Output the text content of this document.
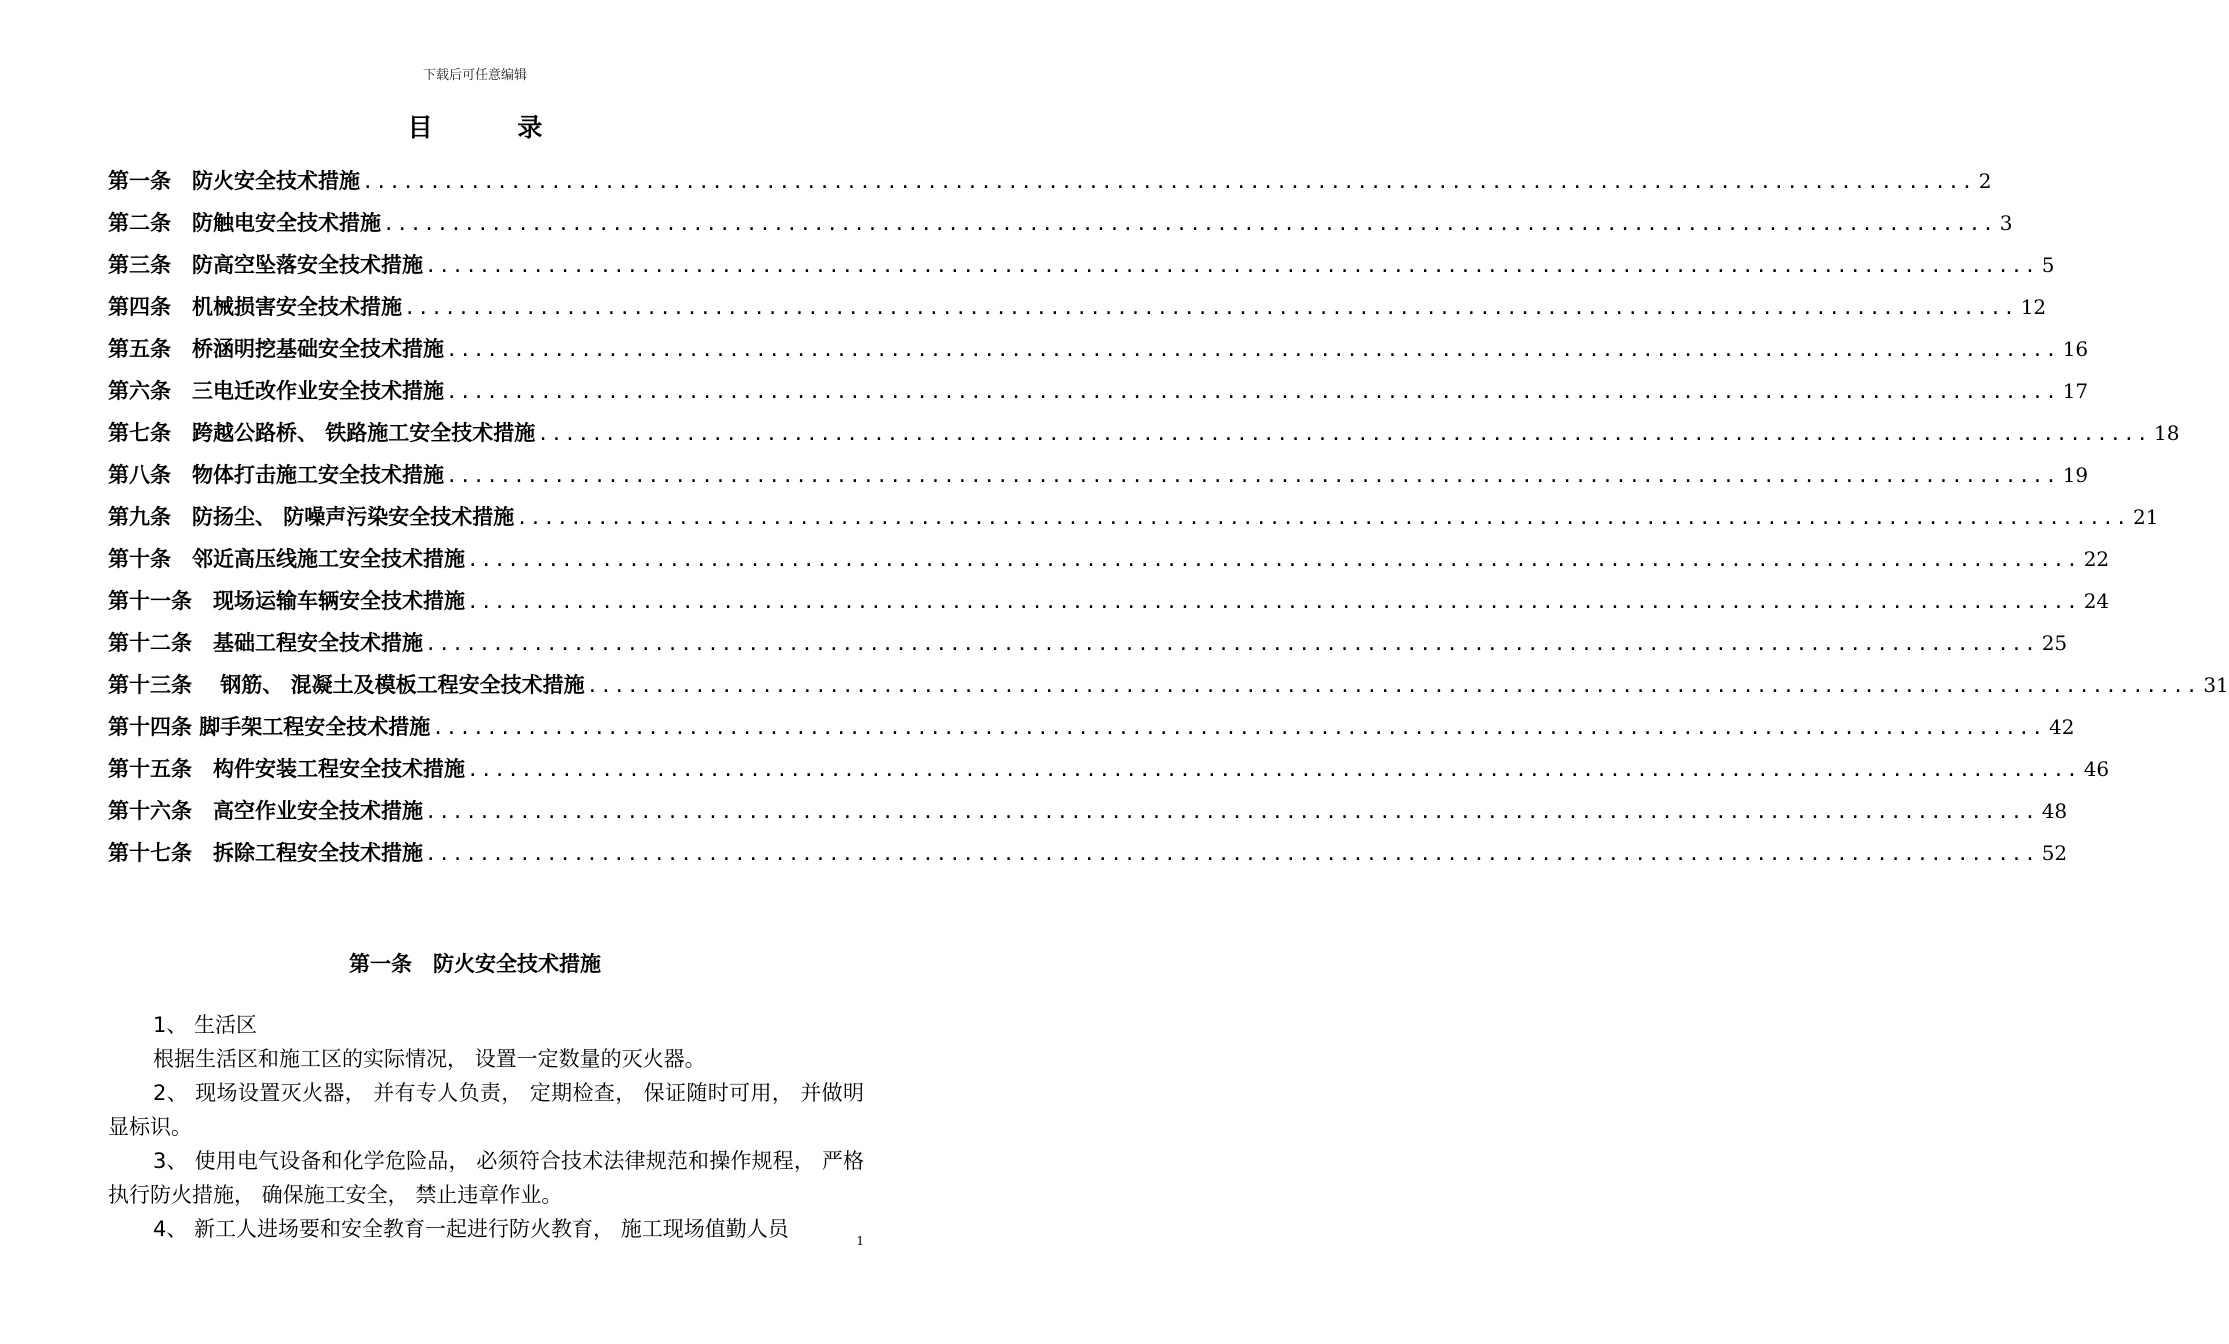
下载后可任意编辑
目 录
第一条　防火安全技术措施 ........................................................................................................................ 2
第二条　防触电安全技术措施 ........................................................................................................................ 3
第三条　防高空坠落安全技术措施 ........................................................................................................................ 5
第四条　机械损害安全技术措施 ........................................................................................................................ 12
第五条　桥涵明挖基础安全技术措施 ........................................................................................................................ 16
第六条　三电迁改作业安全技术措施 ........................................................................................................................ 17
第七条　跨越公路桥、 铁路施工安全技术措施 ........................................................................................................................ 18
第八条　物体打击施工安全技术措施 ........................................................................................................................ 19
第九条　防扬尘、 防噪声污染安全技术措施 ........................................................................................................................ 21
第十条　邻近高压线施工安全技术措施 ........................................................................................................................ 22
第十一条　现场运输车辆安全技术措施 ........................................................................................................................ 24
第十二条　基础工程安全技术措施 ........................................................................................................................ 25
第十三条　 钢筋、 混凝土及模板工程安全技术措施 ........................................................................................................................ 31
第十四条 脚手架工程安全技术措施 ........................................................................................................................ 42
第十五条　构件安装工程安全技术措施 ........................................................................................................................ 46
第十六条　高空作业安全技术措施 ........................................................................................................................ 48
第十七条　拆除工程安全技术措施 ........................................................................................................................ 52
第一条　防火安全技术措施

1、 生活区

根据生活区和施工区的实际情况， 设置一定数量的灭火器。

2、 现场设置灭火器， 并有专人负责， 定期检查， 保证随时可用， 并做明显标识。

3、 使用电气设备和化学危险品， 必须符合技术法律规范和操作规程， 严格执行防火措施， 确保施工安全， 禁止违章作业。

4、 新工人进场要和安全教育一起进行防火教育， 施工现场值勤人员	1
